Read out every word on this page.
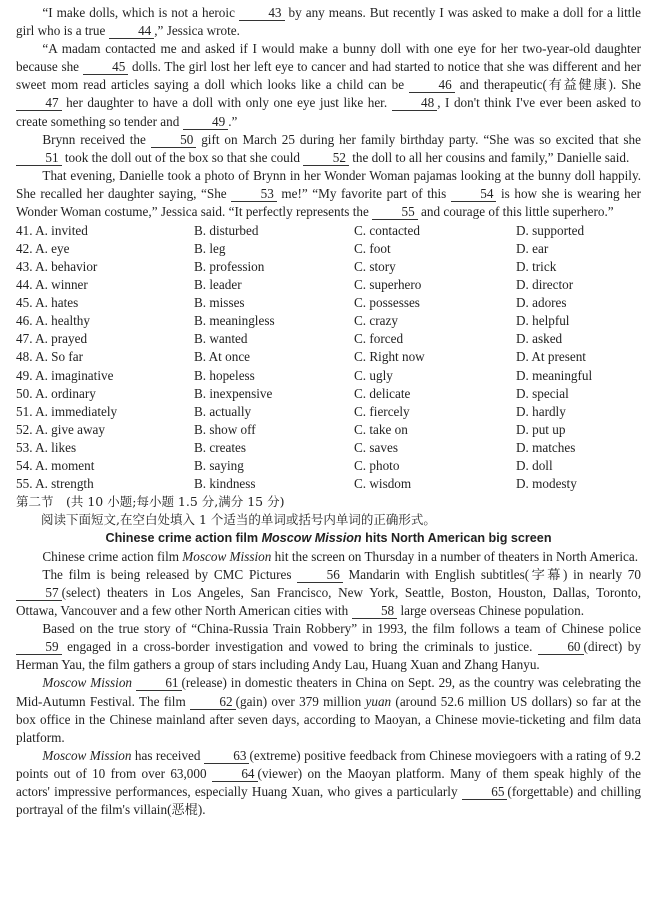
“I make dolls, which is not a heroic 43 by any means. But recently I was asked to make a doll for a little girl who is a true 44 ,” Jessica wrote.

“A madam contacted me and asked if I would make a bunny doll with one eye for her two-year-old daughter because she 45 dolls. The girl lost her left eye to cancer and had started to notice that she was different and her sweet mom read articles saying a doll which looks like a child can be 46 and therapeutic(有益健康). She 47 her daughter to have a doll with only one eye just like her. 48 , I don't think I've ever been asked to create something so tender and 49 .”

Brynn received the 50 gift on March 25 during her family birthday party. “She was so excited that she 51 took the doll out of the box so that she could 52 the doll to all her cousins and family,” Danielle said.

That evening, Danielle took a photo of Brynn in her Wonder Woman pajamas looking at the bunny doll happily. She recalled her daughter saying, “She 53 me!” “My favorite part of this 54 is how she is wearing her Wonder Woman costume,” Jessica said. “It perfectly represents the 55 and courage of this little superhero.”

41. A. invited	B. disturbed	C. contacted	D. supported
42. A. eye	B. leg	C. foot	D. ear
43. A. behavior	B. profession	C. story	D. trick
44. A. winner	B. leader	C. superhero	D. director
45. A. hates	B. misses	C. possesses	D. adores
46. A. healthy	B. meaningless	C. crazy	D. helpful
47. A. prayed	B. wanted	C. forced	D. asked
48. A. So far	B. At once	C. Right now	D. At present
49. A. imaginative	B. hopeless	C. ugly	D. meaningful
50. A. ordinary	B. inexpensive	C. delicate	D. special
51. A. immediately	B. actually	C. fiercely	D. hardly
52. A. give away	B. show off	C. take on	D. put up
53. A. likes	B. creates	C. saves	D. matches
54. A. moment	B. saying	C. photo	D. doll
55. A. strength	B. kindness	C. wisdom	D. modesty
第二节　(共 10 小题;每小题 1.5 分,满分 15 分)
阅读下面短文,在空白处填入 1 个适当的单词或括号内单词的正确形式。
Chinese crime action film Moscow Mission hits North American big screen

Chinese crime action film Moscow Mission hit the screen on Thursday in a number of theaters in North America.

The film is being released by CMC Pictures 56 Mandarin with English subtitles(字幕) in nearly 70 57 (select) theaters in Los Angeles, San Francisco, New York, Seattle, Boston, Houston, Dallas, Toronto, Ottawa, Vancouver and a few other North American cities with 58 large overseas Chinese population.

Based on the true story of “China-Russia Train Robbery” in 1993, the film follows a team of Chinese police 59 engaged in a cross-border investigation and vowed to bring the criminals to justice. 60 (direct) by Herman Yau, the film gathers a group of stars including Andy Lau, Huang Xuan and Zhang Hanyu.

Moscow Mission	61 (release) in domestic theaters in China on Sept. 29, as the country was celebrating the Mid-Autumn Festival. The film 62 (gain) over 379 million yuan (around 52.6 million US dollars) so far at the box office in the Chinese mainland after seven days, according to Maoyan, a Chinese movie-ticketing and film data platform.

Moscow Mission has received 63 (extreme) positive feedback from Chinese moviegoers with a rating of 9.2 points out of 10 from over 63,000 64 (viewer) on the Maoyan platform. Many of them speak highly of the actors' impressive performances, especially Huang Xuan, who gives a particularly 65 (forgettable) and chilling portrayal of the film's villain(恶棍).
